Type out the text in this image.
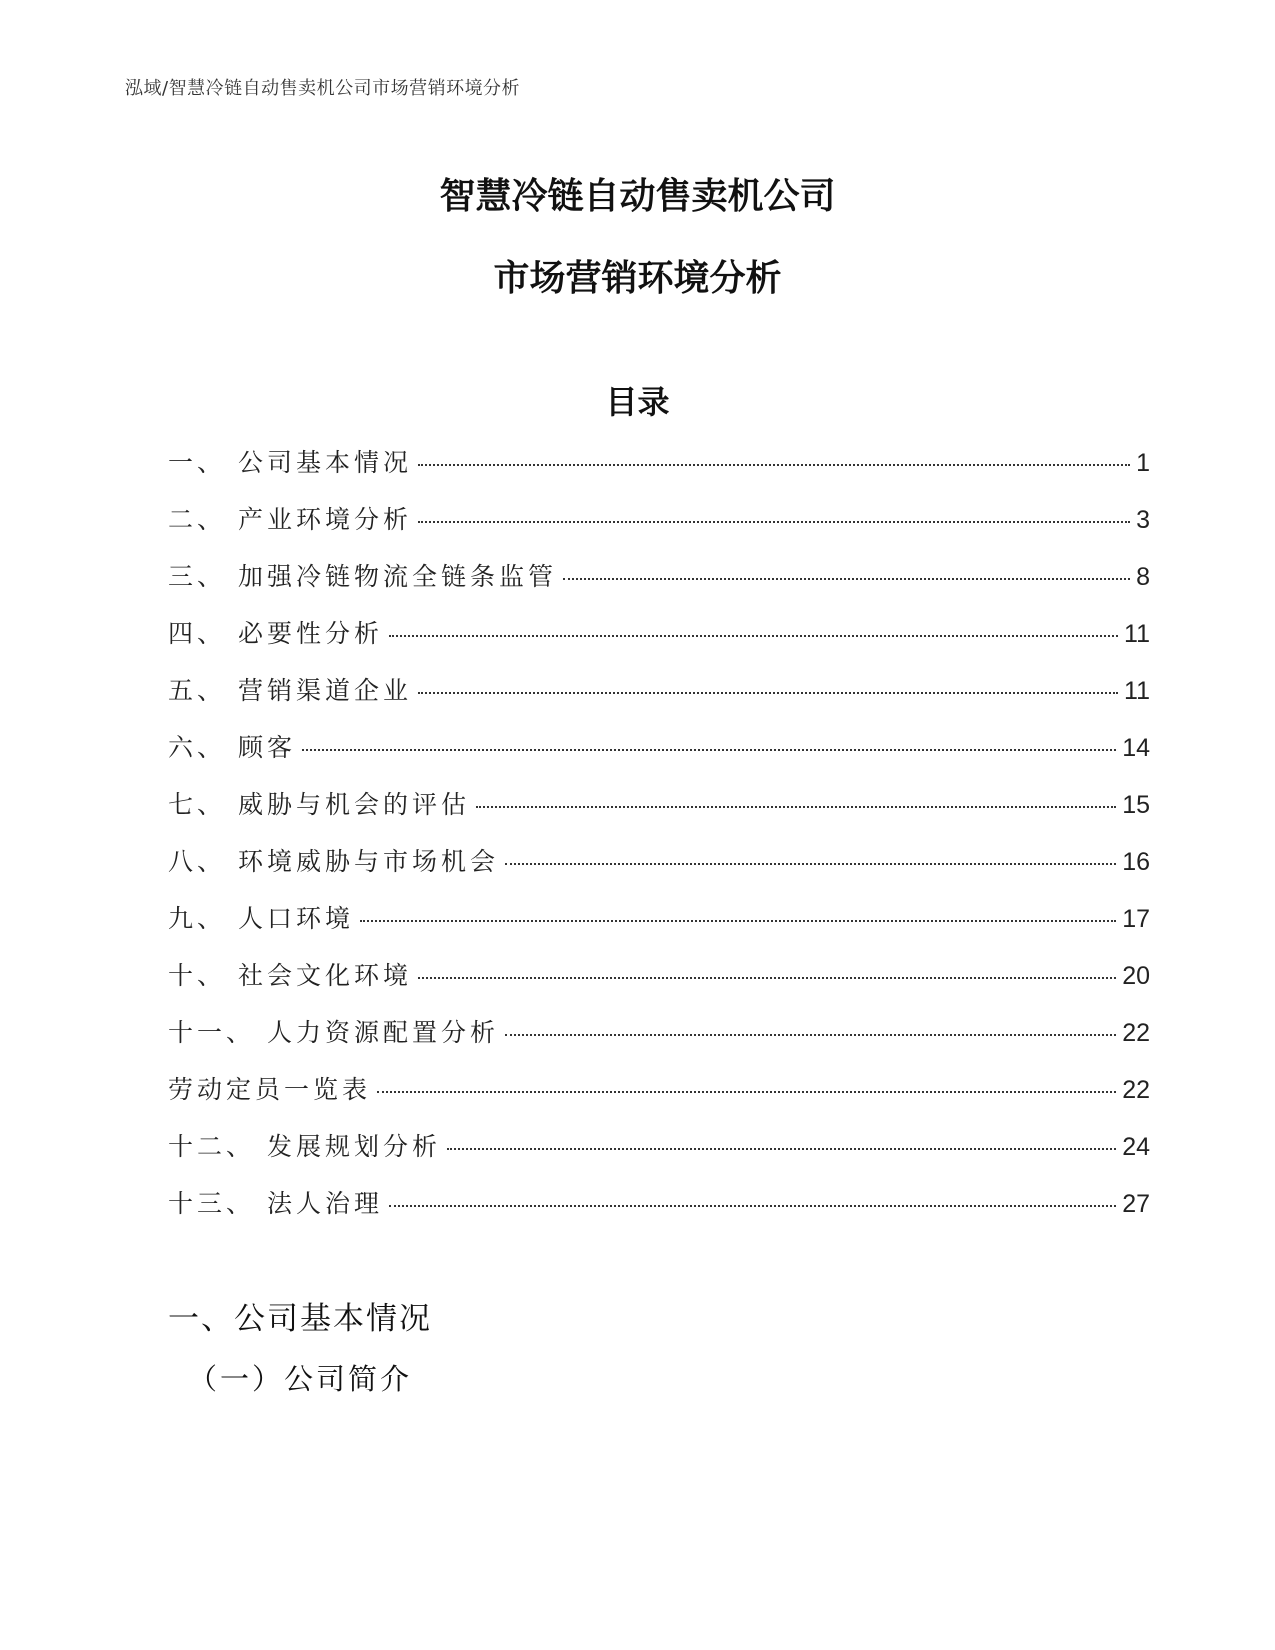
泓域/智慧冷链自动售卖机公司市场营销环境分析
智慧冷链自动售卖机公司
市场营销环境分析
目录
一、 公司基本情况	1
二、 产业环境分析	3
三、 加强冷链物流全链条监管	8
四、 必要性分析	11
五、 营销渠道企业	11
六、 顾客	14
七、 威胁与机会的评估	15
八、 环境威胁与市场机会	16
九、 人口环境	17
十、 社会文化环境	20
十一、 人力资源配置分析	22
劳动定员一览表	22
十二、 发展规划分析	24
十三、 法人治理	27
一、公司基本情况
（一）公司简介
